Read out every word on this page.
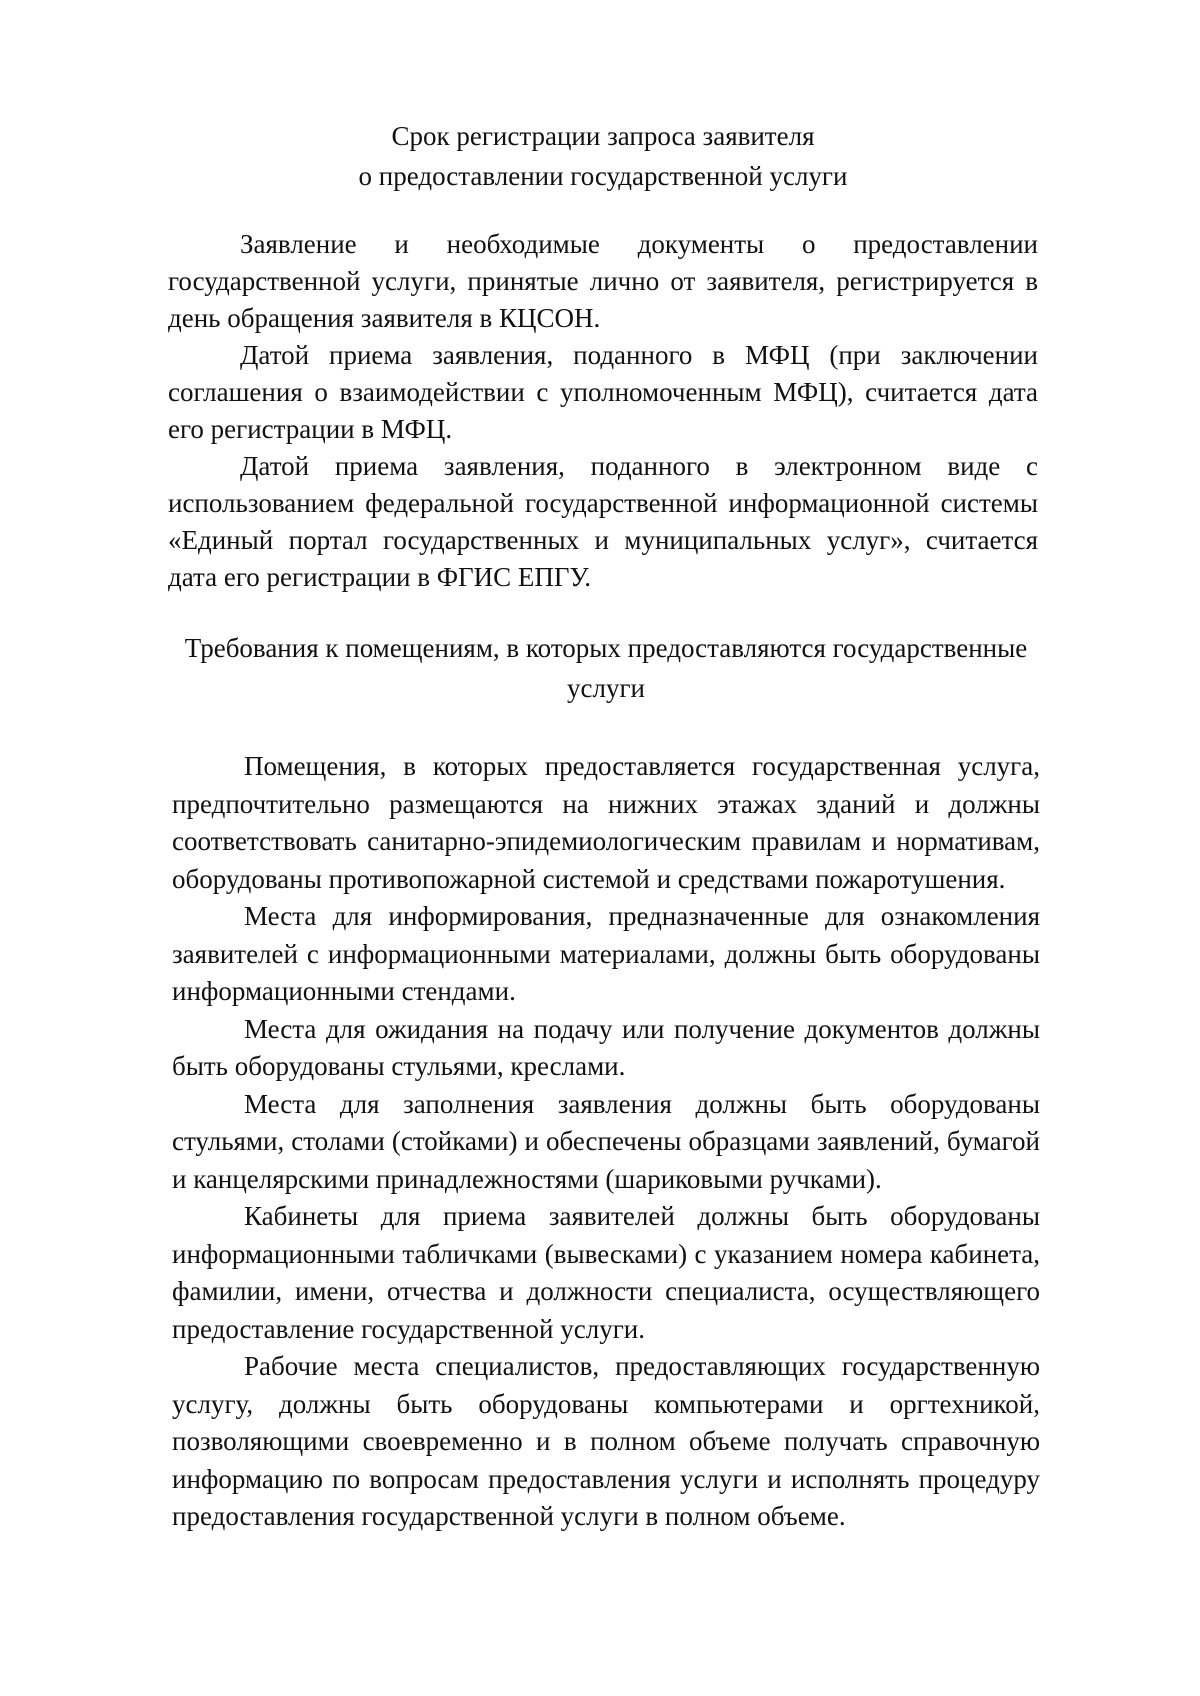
Срок регистрации запроса заявителя
о предоставлении государственной услуги

Заявление и необходимые документы о предоставлении государственной услуги, принятые лично от заявителя, регистрируется в день обращения заявителя в КЦСОН.

Датой приема заявления, поданного в МФЦ (при заключении соглашения о взаимодействии с уполномоченным МФЦ), считается дата его регистрации в МФЦ.

Датой приема заявления, поданного в электронном виде с использованием федеральной государственной информационной системы «Единый портал государственных и муниципальных услуг», считается дата его регистрации в ФГИС ЕПГУ.

Требования к помещениям, в которых предоставляются государственные
услуги

Помещения, в которых предоставляется государственная услуга, предпочтительно размещаются на нижних этажах зданий и должны соответствовать санитарно-эпидемиологическим правилам и нормативам, оборудованы противопожарной системой и средствами пожаротушения.

Места для информирования, предназначенные для ознакомления заявителей с информационными материалами, должны быть оборудованы информационными стендами.

Места для ожидания на подачу или получение документов должны быть оборудованы стульями, креслами.

Места для заполнения заявления должны быть оборудованы стульями, столами (стойками) и обеспечены образцами заявлений, бумагой и канцелярскими принадлежностями (шариковыми ручками).

Кабинеты для приема заявителей должны быть оборудованы информационными табличками (вывесками) с указанием номера кабинета, фамилии, имени, отчества и должности специалиста, осуществляющего предоставление государственной услуги.

Рабочие места специалистов, предоставляющих государственную услугу, должны быть оборудованы компьютерами и оргтехникой, позволяющими своевременно и в полном объеме получать справочную информацию по вопросам предоставления услуги и исполнять процедуру предоставления государственной услуги в полном объеме.
